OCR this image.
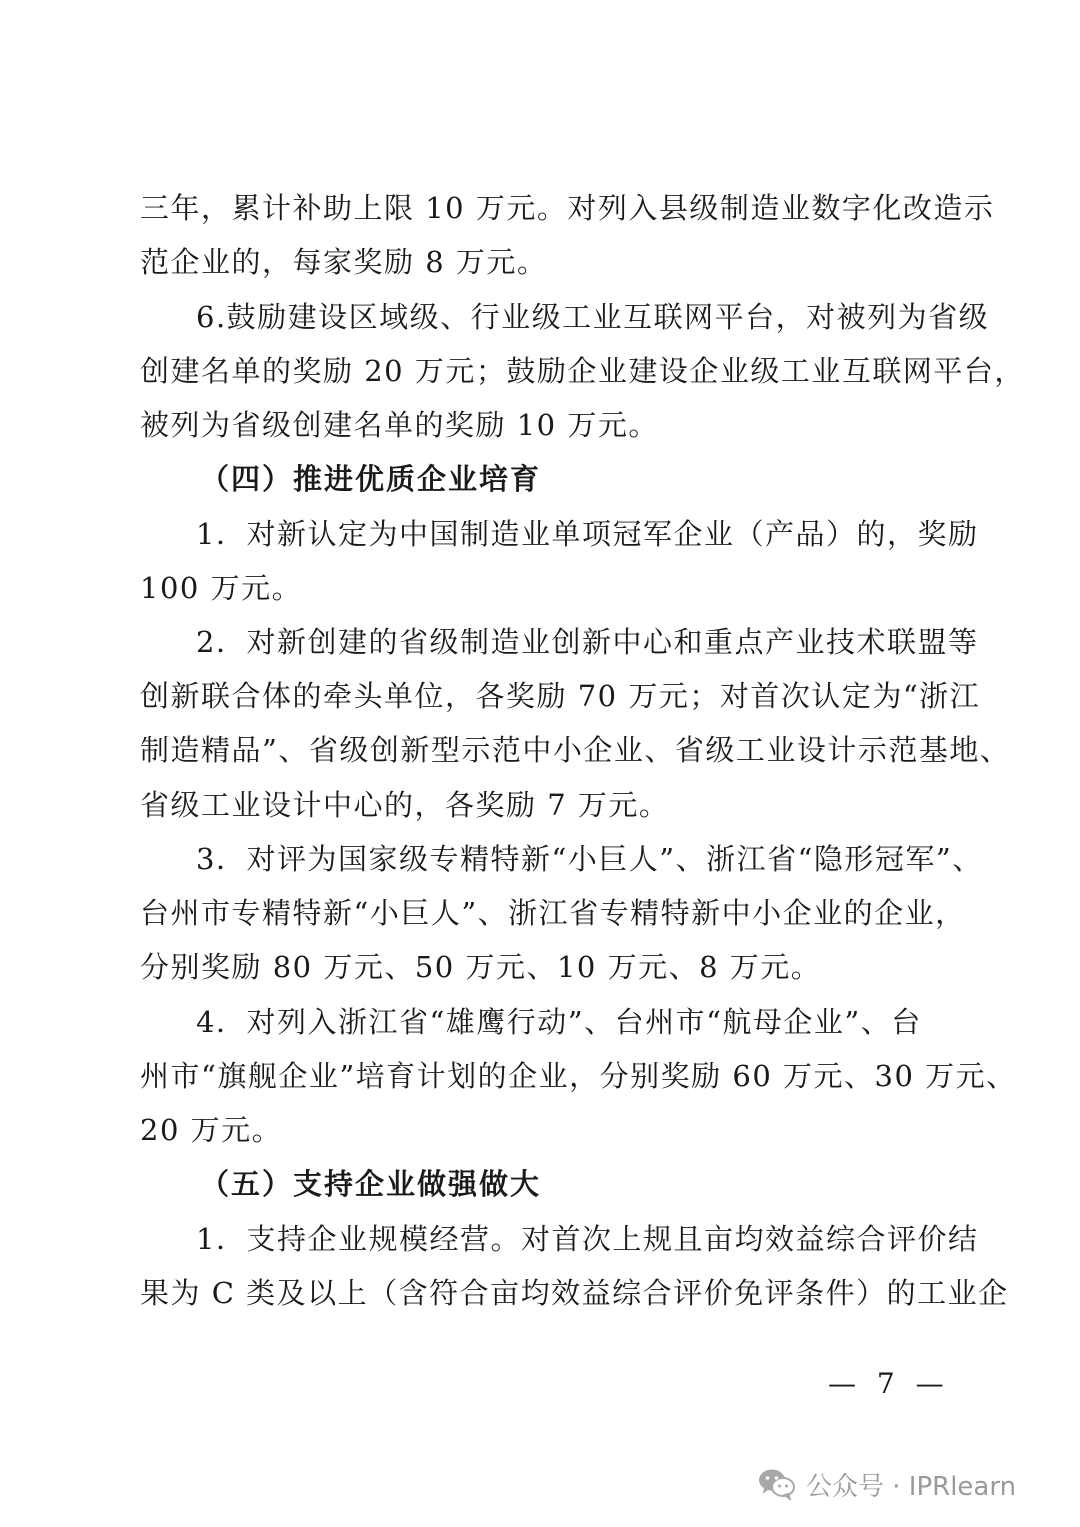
三年，累计补助上限 10 万元。对列入县级制造业数字化改造示
范企业的，每家奖励 8 万元。
6.鼓励建设区域级、行业级工业互联网平台，对被列为省级
创建名单的奖励 20 万元；鼓励企业建设企业级工业互联网平台，
被列为省级创建名单的奖励 10 万元。
（四）推进优质企业培育
1．对新认定为中国制造业单项冠军企业（产品）的，奖励
100 万元。
2．对新创建的省级制造业创新中心和重点产业技术联盟等
创新联合体的牵头单位，各奖励 70 万元；对首次认定为“浙江
制造精品”、省级创新型示范中小企业、省级工业设计示范基地、
省级工业设计中心的，各奖励 7 万元。
3．对评为国家级专精特新“小巨人”、浙江省“隐形冠军”、
台州市专精特新“小巨人”、浙江省专精特新中小企业的企业，
分别奖励 80 万元、50 万元、10 万元、8 万元。
4．对列入浙江省“雄鹰行动”、台州市“航母企业”、台
州市“旗舰企业”培育计划的企业，分别奖励 60 万元、30 万元、
20 万元。
（五）支持企业做强做大
1．支持企业规模经营。对首次上规且亩均效益综合评价结
果为 C 类及以上（含符合亩均效益综合评价免评条件）的工业企
— 7 —
公众号 · IPRlearn
